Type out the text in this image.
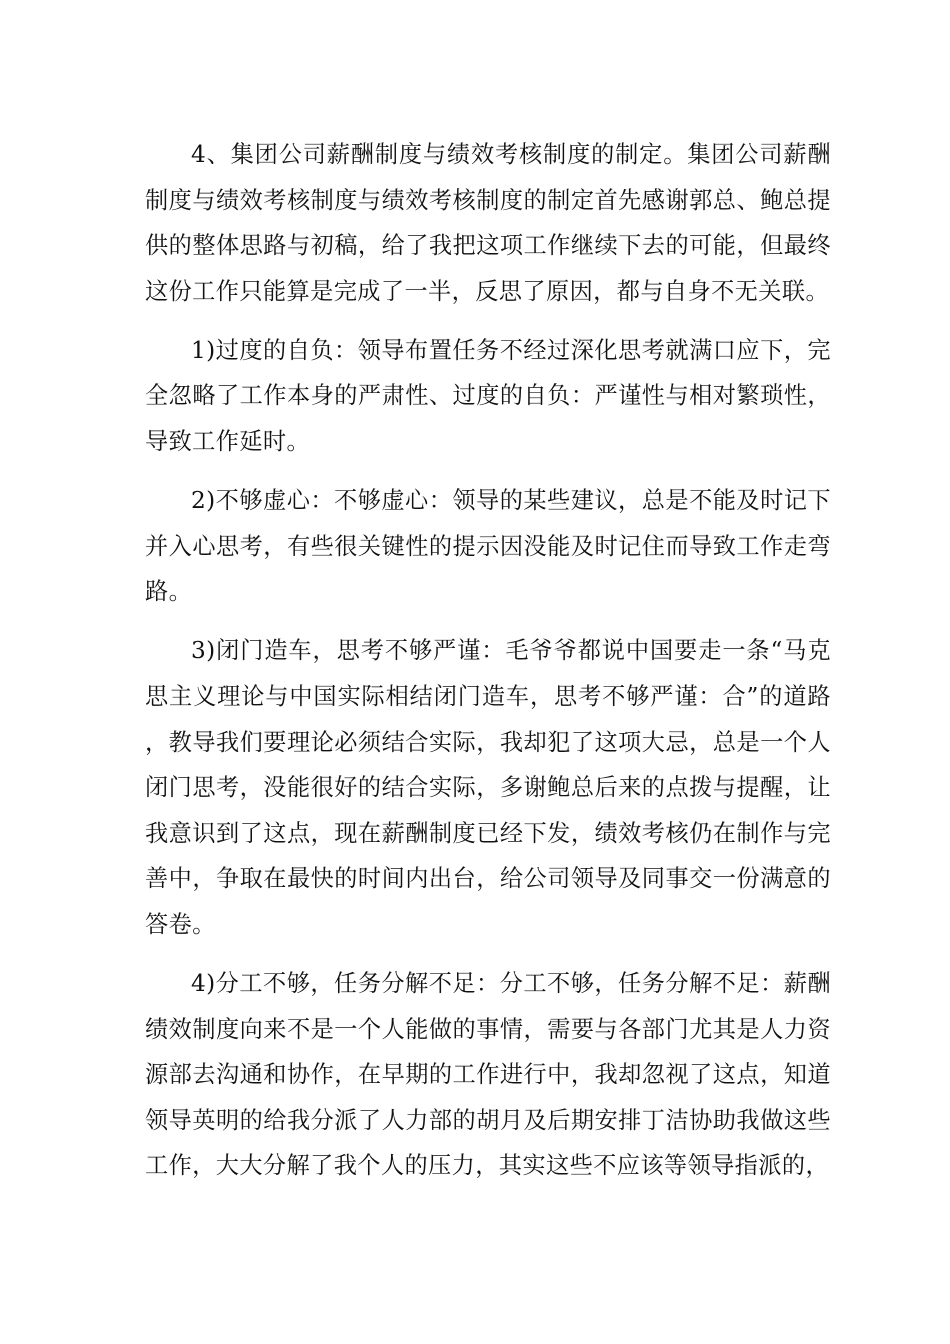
4、集团公司薪酬制度与绩效考核制度的制定。集团公司薪酬制度与绩效考核制度与绩效考核制度的制定首先感谢郭总、鲍总提供的整体思路与初稿，给了我把这项工作继续下去的可能，但最终这份工作只能算是完成了一半，反思了原因，都与自身不无关联。

1)过度的自负：领导布置任务不经过深化思考就满口应下，完全忽略了工作本身的严肃性、过度的自负：严谨性与相对繁琐性，导致工作延时。

2)不够虚心：不够虚心：领导的某些建议，总是不能及时记下并入心思考，有些很关键性的提示因没能及时记住而导致工作走弯路。

3)闭门造车，思考不够严谨：毛爷爷都说中国要走一条“马克思主义理论与中国实际相结闭门造车，思考不够严谨：合”的道路，教导我们要理论必须结合实际，我却犯了这项大忌，总是一个人闭门思考，没能很好的结合实际，多谢鲍总后来的点拨与提醒，让我意识到了这点，现在薪酬制度已经下发，绩效考核仍在制作与完善中，争取在最快的时间内出台，给公司领导及同事交一份满意的答卷。

4)分工不够，任务分解不足：分工不够，任务分解不足：薪酬绩效制度向来不是一个人能做的事情，需要与各部门尤其是人力资源部去沟通和协作，在早期的工作进行中，我却忽视了这点，知道领导英明的给我分派了人力部的胡月及后期安排丁洁协助我做这些工作，大大分解了我个人的压力，其实这些不应该等领导指派的，
